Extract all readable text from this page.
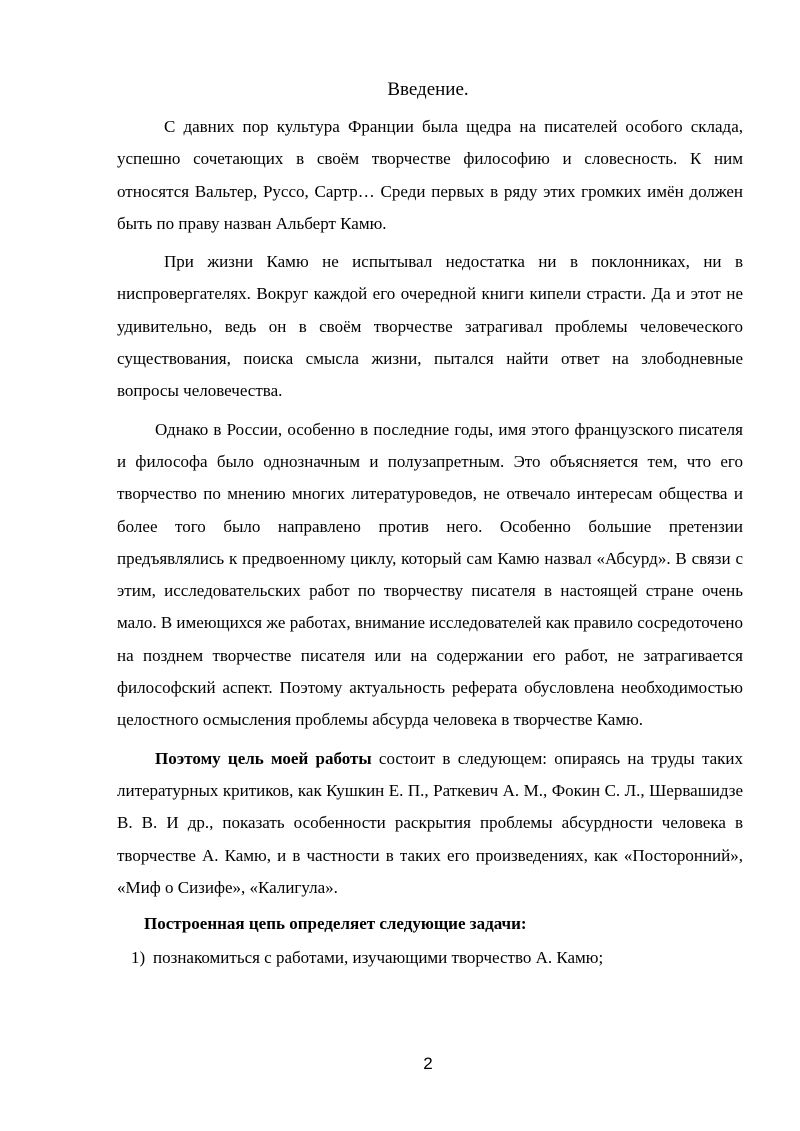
Введение.

С давних пор культура Франции была щедра на писателей особого склада, успешно сочетающих в своём творчестве философию и словесность. К ним относятся Вальтер, Руссо, Сартр… Среди первых в ряду этих громких имён должен быть по праву назван Альберт Камю.

При жизни Камю не испытывал недостатка ни в поклонниках, ни в ниспровергателях. Вокруг каждой его очередной книги кипели страсти. Да и этот не удивительно, ведь он в своём творчестве затрагивал проблемы человеческого существования, поиска смысла жизни, пытался найти ответ на злободневные вопросы человечества.

Однако в России, особенно в последние годы, имя этого французского писателя и философа было однозначным и полузапретным. Это объясняется тем, что его творчество по мнению многих литературоведов, не отвечало интересам общества и более того было направлено против него. Особенно большие претензии предъявлялись к предвоенному циклу, который сам Камю назвал «Абсурд». В связи с этим, исследовательских работ по творчеству писателя в настоящей стране очень мало. В имеющихся же работах, внимание исследователей как правило сосредоточено на позднем творчестве писателя или на содержании его работ, не затрагивается философский аспект. Поэтому актуальность реферата обусловлена необходимостью целостного осмысления проблемы абсурда человека в творчестве Камю.

Поэтому цель моей работы состоит в следующем: опираясь на труды таких литературных критиков, как Кушкин Е. П., Раткевич А. М., Фокин С. Л., Шервашидзе В. В. И др., показать особенности раскрытия проблемы абсурдности человека в творчестве А. Камю, и в частности в таких его произведениях, как «Посторонний», «Миф о Сизифе», «Калигула».

Построенная цепь определяет следующие задачи:

1) познакомиться с работами, изучающими творчество А. Камю;
2
